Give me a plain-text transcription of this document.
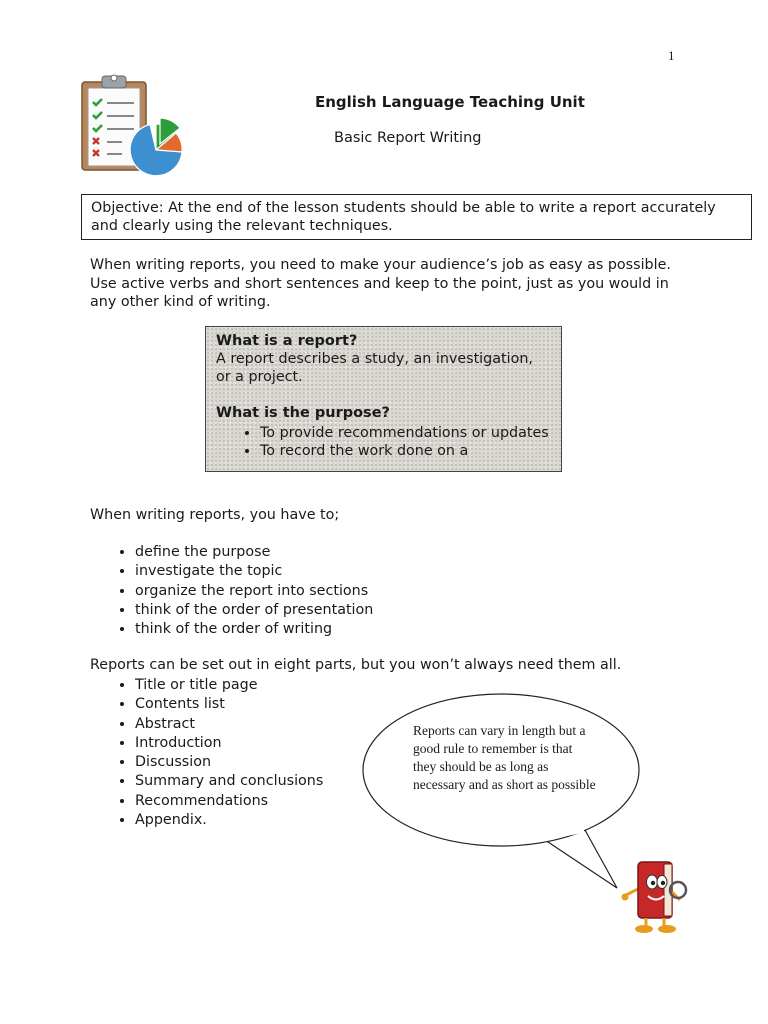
1
English Language Teaching Unit
Basic Report Writing
Objective: At the end of the lesson students should be able to write a report accurately and clearly using the relevant techniques.
When writing reports, you need to make your audience’s job as easy as possible. Use active verbs and short sentences and keep to the point, just as you would in any other kind of writing.
What is a report?
A report describes a study, an investigation, or a project.
What is the purpose?
• To provide recommendations or updates
• To record the work done on a
When writing reports, you have to;
• define the purpose
• investigate the topic
• organize the report into sections
• think of the order of presentation
• think of the order of writing
Reports can be set out in eight parts, but you won’t always need them all.
• Title or title page
• Contents list
• Abstract
• Introduction
• Discussion
• Summary and conclusions
• Recommendations
• Appendix.
Reports can vary in length but a good rule to remember is that they should be as long as necessary and as short as possible
